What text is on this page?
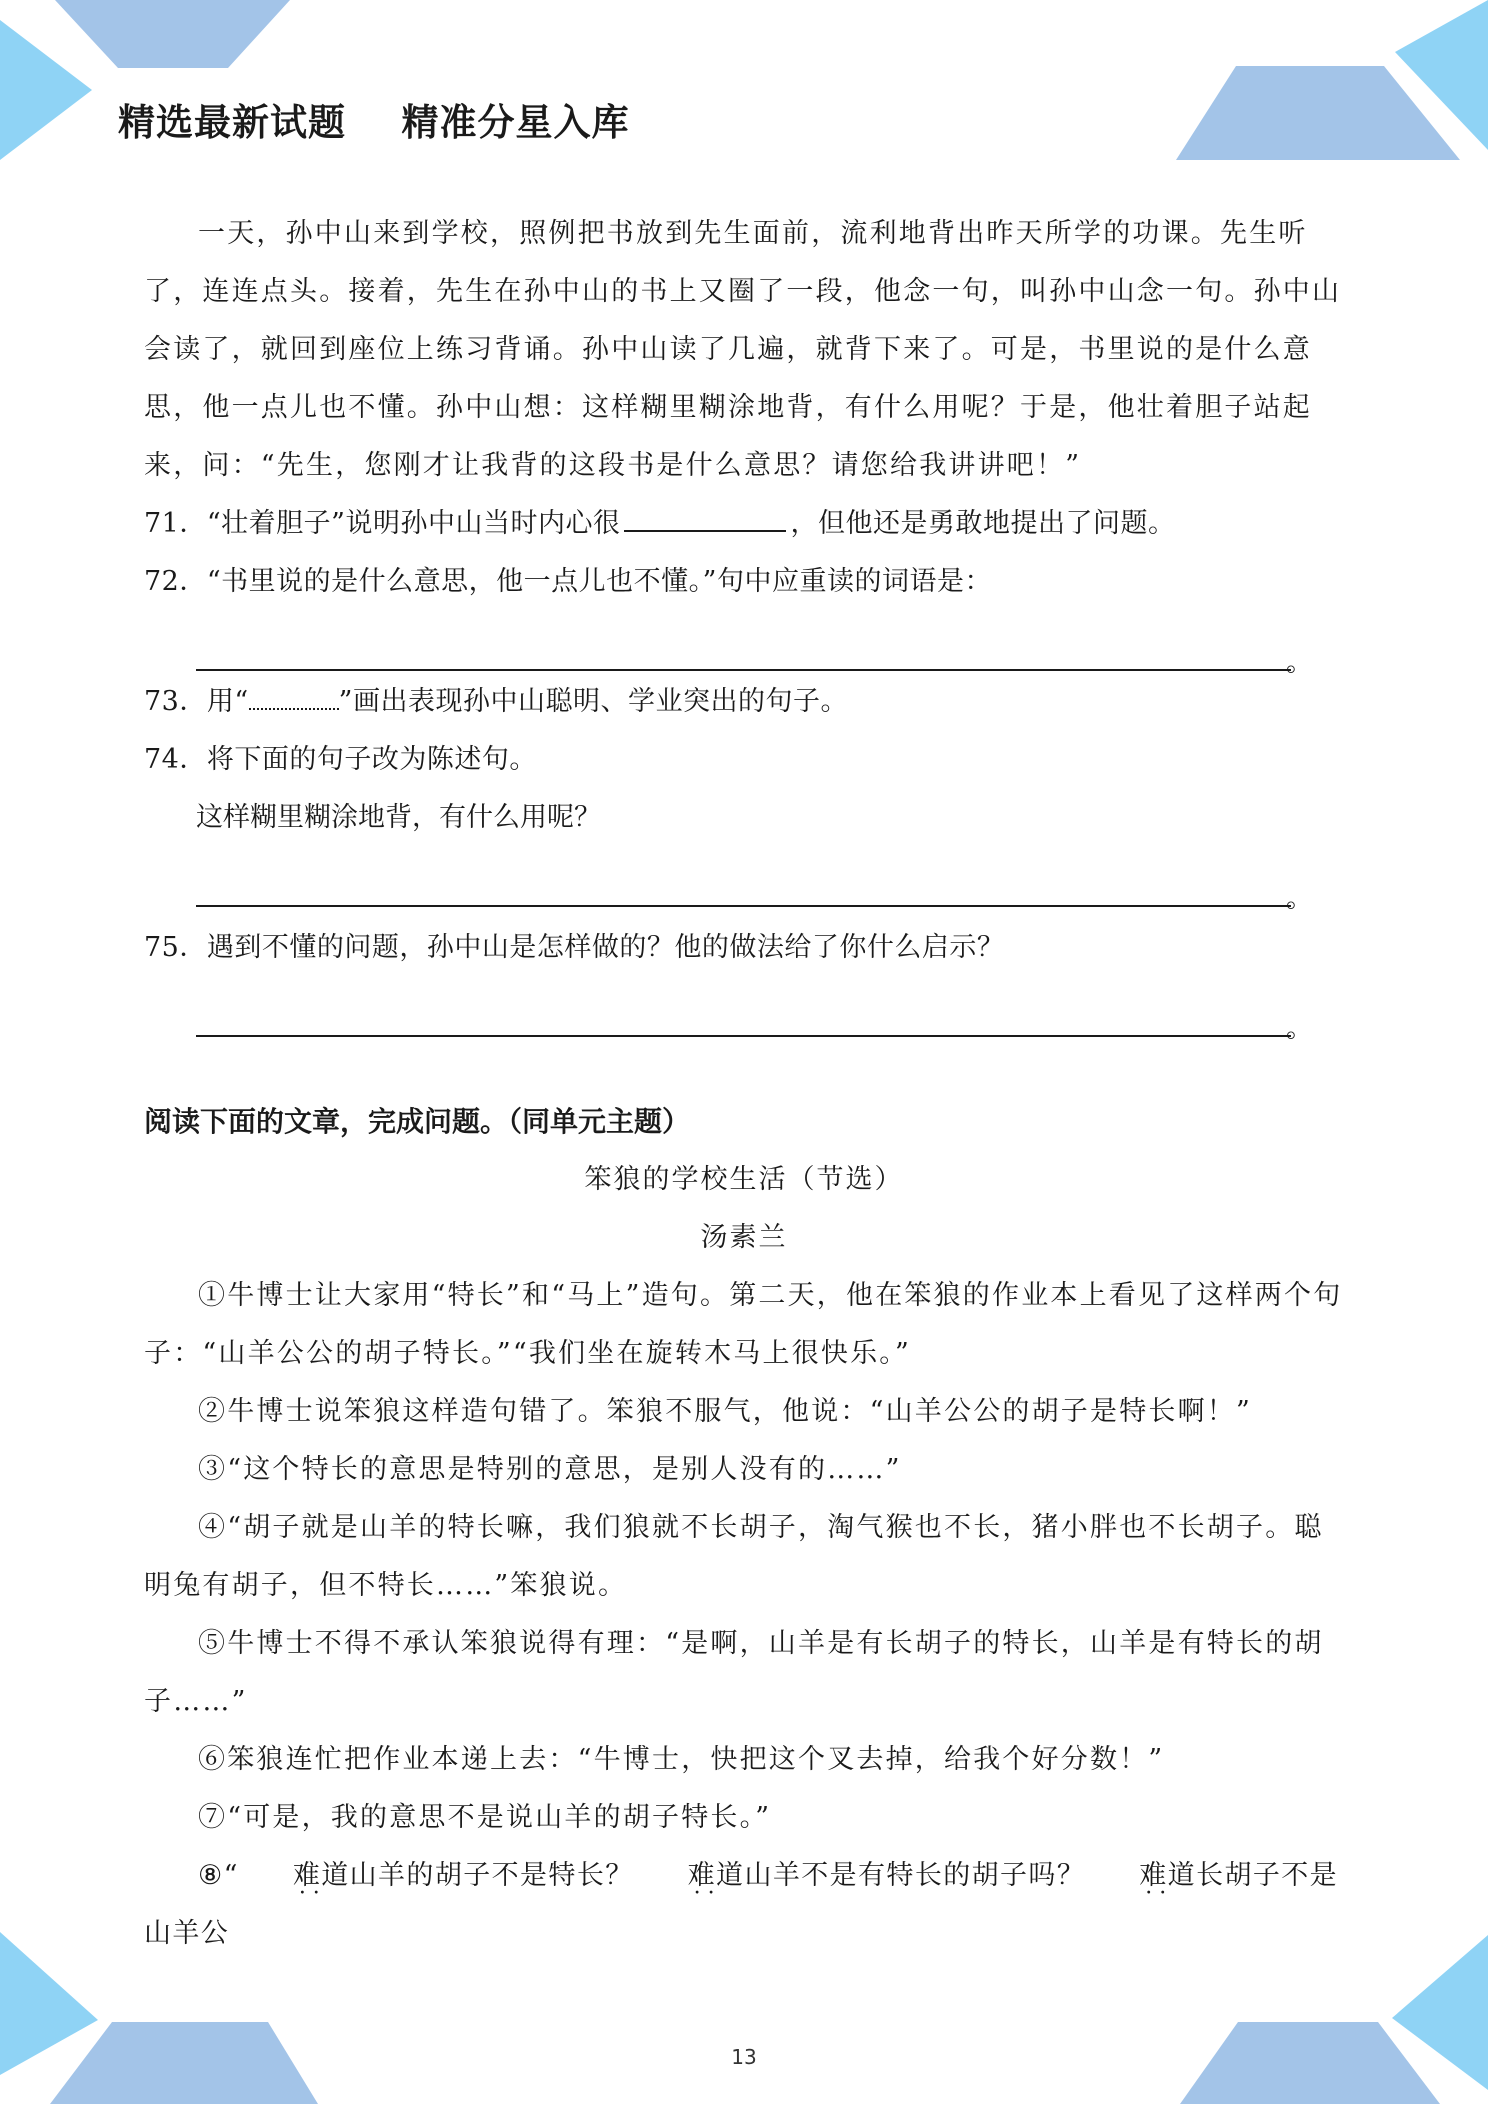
精选最新试题    精准分星入库

一天，孙中山来到学校，照例把书放到先生面前，流利地背出昨天所学的功课。先生听了，连连点头。接着，先生在孙中山的书上又圈了一段，他念一句，叫孙中山念一句。孙中山会读了，就回到座位上练习背诵。孙中山读了几遍，就背下来了。可是，书里说的是什么意思，他一点儿也不懂。孙中山想：这样糊里糊涂地背，有什么用呢？于是，他壮着胆子站起来，问：“先生，您刚才让我背的这段书是什么意思？请您给我讲讲吧！”

71．“壮着胆子”说明孙中山当时内心很	，但他还是勇敢地提出了问题。

72．“书里说的是什么意思，他一点儿也不懂。”句中应重读的词语是：

。

73．用“	”画出表现孙中山聪明、学业突出的句子。

74．将下面的句子改为陈述句。

这样糊里糊涂地背，有什么用呢？

。

75．遇到不懂的问题，孙中山是怎样做的？他的做法给了你什么启示？

。

阅读下面的文章，完成问题。（同单元主题）

笨狼的学校生活（节选）

汤素兰

①牛博士让大家用“特长”和“马上”造句。第二天，他在笨狼的作业本上看见了这样两个句子：“山羊公公的胡子特长。”“我们坐在旋转木马上很快乐。”

②牛博士说笨狼这样造句错了。笨狼不服气，他说：“山羊公公的胡子是特长啊！”

③“这个特长的意思是特别的意思，是别人没有的……”

④“胡子就是山羊的特长嘛，我们狼就不长胡子，淘气猴也不长，猪小胖也不长胡子。聪明兔有胡子，但不特长……”笨狼说。

⑤牛博士不得不承认笨狼说得有理：“是啊，山羊是有长胡子的特长，山羊是有特长的胡子……”

⑥笨狼连忙把作业本递上去：“牛博士，快把这个叉去掉，给我个好分数！”

⑦“可是，我的意思不是说山羊的胡子特长。”

⑧“ 难道 · ·山羊的胡子不是特长？ 难道 · ·山羊不是有特长的胡子吗？ 难道 · ·长胡子不是山羊公

13
